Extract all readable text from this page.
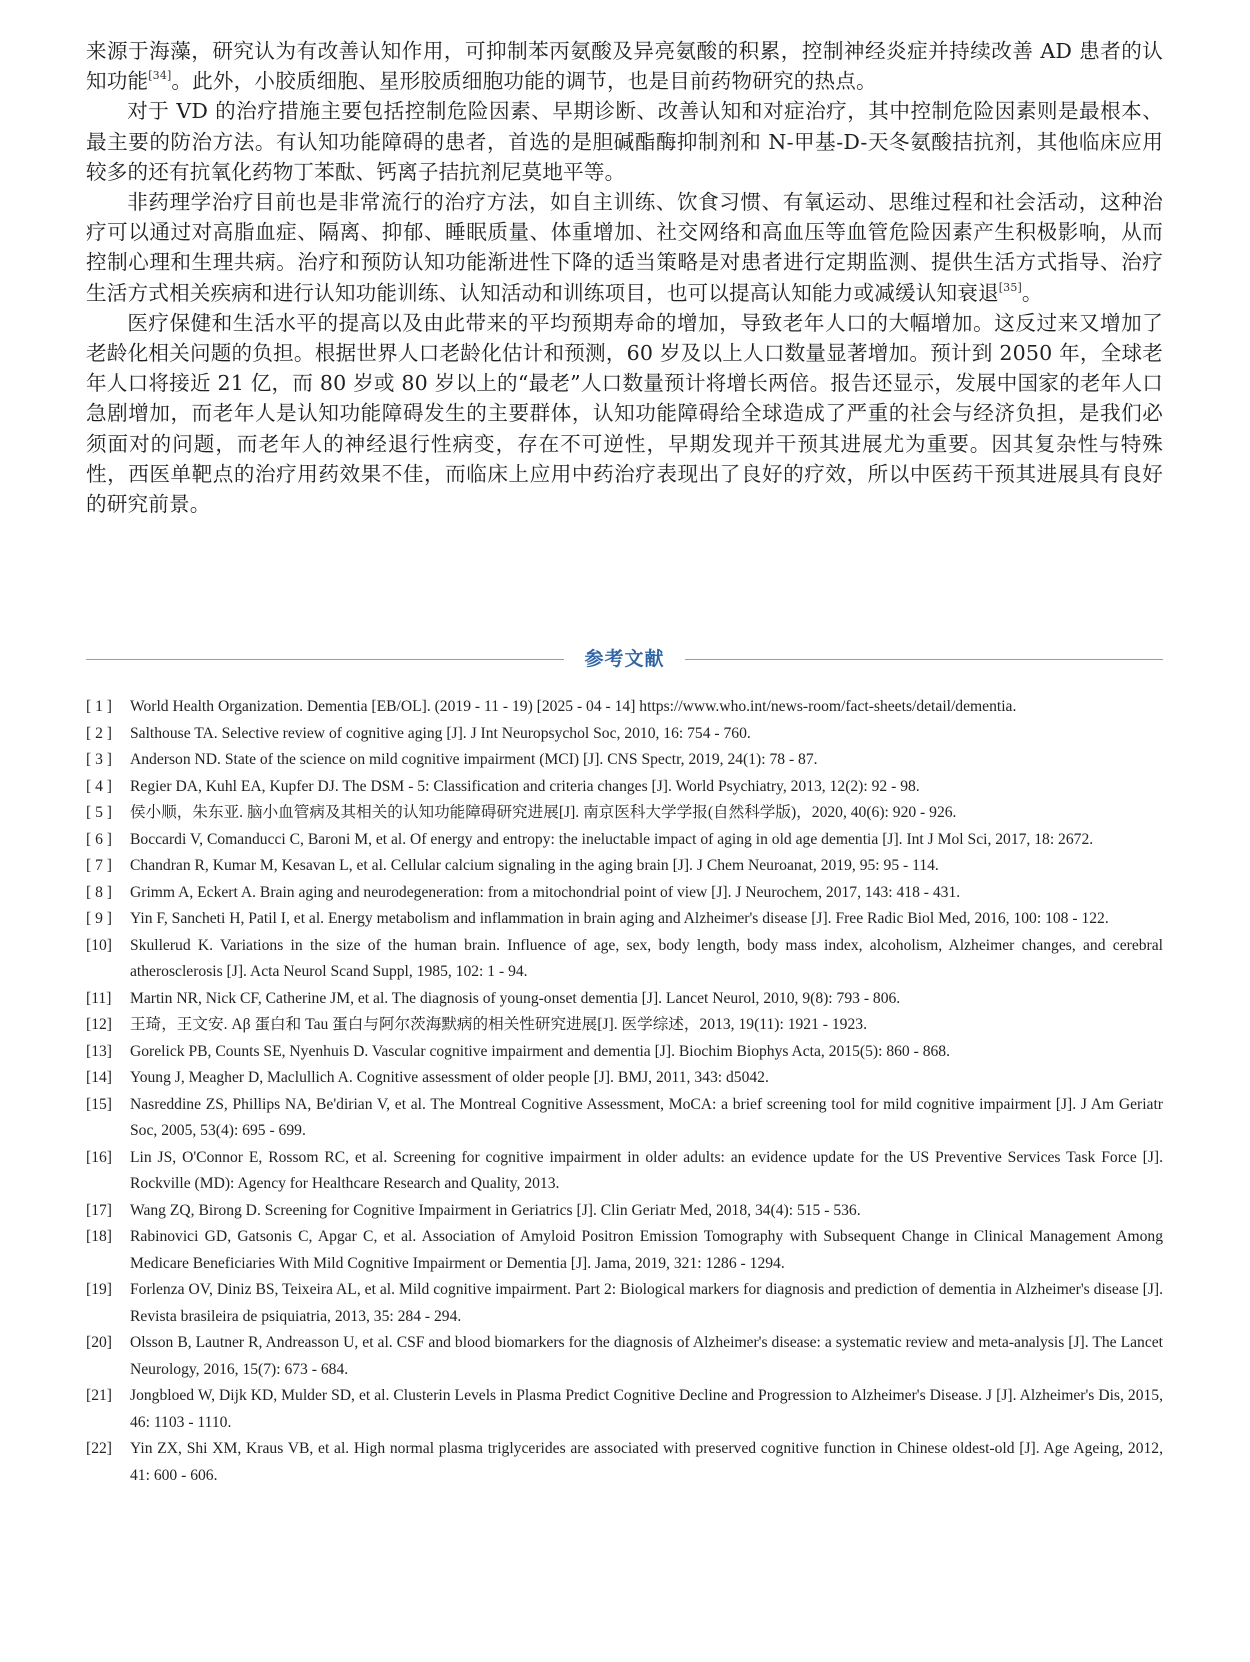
来源于海藻，研究认为有改善认知作用，可抑制苯丙氨酸及异亮氨酸的积累，控制神经炎症并持续改善 AD 患者的认知功能[34]。此外，小胶质细胞、星形胶质细胞功能的调节，也是目前药物研究的热点。

对于 VD 的治疗措施主要包括控制危险因素、早期诊断、改善认知和对症治疗，其中控制危险因素则是最根本、最主要的防治方法。有认知功能障碍的患者，首选的是胆碱酯酶抑制剂和 N-甲基-D-天冬氨酸拮抗剂，其他临床应用较多的还有抗氧化药物丁苯酞、钙离子拮抗剂尼莫地平等。

非药理学治疗目前也是非常流行的治疗方法，如自主训练、饮食习惯、有氧运动、思维过程和社会活动，这种治疗可以通过对高脂血症、隔离、抑郁、睡眠质量、体重增加、社交网络和高血压等血管危险因素产生积极影响，从而控制心理和生理共病。治疗和预防认知功能渐进性下降的适当策略是对患者进行定期监测、提供生活方式指导、治疗生活方式相关疾病和进行认知功能训练、认知活动和训练项目，也可以提高认知能力或减缓认知衰退[35]。

医疗保健和生活水平的提高以及由此带来的平均预期寿命的增加，导致老年人口的大幅增加。这反过来又增加了老龄化相关问题的负担。根据世界人口老龄化估计和预测，60 岁及以上人口数量显著增加。预计到 2050 年，全球老年人口将接近 21 亿，而 80 岁或 80 岁以上的“最老”人口数量预计将增长两倍。报告还显示，发展中国家的老年人口急剧增加，而老年人是认知功能障碍发生的主要群体，认知功能障碍给全球造成了严重的社会与经济负担，是我们必须面对的问题，而老年人的神经退行性病变，存在不可逆性，早期发现并干预其进展尤为重要。因其复杂性与特殊性，西医单靶点的治疗用药效果不佳，而临床上应用中药治疗表现出了良好的疗效，所以中医药干预其进展具有良好的研究前景。

参考文献
[ 1 ] World Health Organization. Dementia [EB/OL]. (2019 - 11 - 19) [2025 - 04 - 14] https://www.who.int/news-room/fact-sheets/detail/dementia.
[ 2 ] Salthouse TA. Selective review of cognitive aging [J]. J Int Neuropsychol Soc, 2010, 16: 754 - 760.
[ 3 ] Anderson ND. State of the science on mild cognitive impairment (MCI) [J]. CNS Spectr, 2019, 24(1): 78 - 87.
[ 4 ] Regier DA, Kuhl EA, Kupfer DJ. The DSM - 5: Classification and criteria changes [J]. World Psychiatry, 2013, 12(2): 92 - 98.
[ 5 ] 侯小顺，朱东亚. 脑小血管病及其相关的认知功能障碍研究进展[J]. 南京医科大学学报(自然科学版)，2020, 40(6): 920 - 926.
[ 6 ] Boccardi V, Comanducci C, Baroni M, et al. Of energy and entropy: the ineluctable impact of aging in old age dementia [J]. Int J Mol Sci, 2017, 18: 2672.
[ 7 ] Chandran R, Kumar M, Kesavan L, et al. Cellular calcium signaling in the aging brain [J]. J Chem Neuroanat, 2019, 95: 95 - 114.
[ 8 ] Grimm A, Eckert A. Brain aging and neurodegeneration: from a mitochondrial point of view [J]. J Neurochem, 2017, 143: 418 - 431.
[ 9 ] Yin F, Sancheti H, Patil I, et al. Energy metabolism and inflammation in brain aging and Alzheimer's disease [J]. Free Radic Biol Med, 2016, 100: 108 - 122.
[10] Skullerud K. Variations in the size of the human brain. Influence of age, sex, body length, body mass index, alcoholism, Alzheimer changes, and cerebral atherosclerosis [J]. Acta Neurol Scand Suppl, 1985, 102: 1 - 94.
[11] Martin NR, Nick CF, Catherine JM, et al. The diagnosis of young-onset dementia [J]. Lancet Neurol, 2010, 9(8): 793 - 806.
[12] 王琦，王文安. Aβ 蛋白和 Tau 蛋白与阿尔茨海默病的相关性研究进展[J]. 医学综述，2013, 19(11): 1921 - 1923.
[13] Gorelick PB, Counts SE, Nyenhuis D. Vascular cognitive impairment and dementia [J]. Biochim Biophys Acta, 2015(5): 860 - 868.
[14] Young J, Meagher D, Maclullich A. Cognitive assessment of older people [J]. BMJ, 2011, 343: d5042.
[15] Nasreddine ZS, Phillips NA, Be'dirian V, et al. The Montreal Cognitive Assessment, MoCA: a brief screening tool for mild cognitive impairment [J]. J Am Geriatr Soc, 2005, 53(4): 695 - 699.
[16] Lin JS, O'Connor E, Rossom RC, et al. Screening for cognitive impairment in older adults: an evidence update for the US Preventive Services Task Force [J]. Rockville (MD): Agency for Healthcare Research and Quality, 2013.
[17] Wang ZQ, Birong D. Screening for Cognitive Impairment in Geriatrics [J]. Clin Geriatr Med, 2018, 34(4): 515 - 536.
[18] Rabinovici GD, Gatsonis C, Apgar C, et al. Association of Amyloid Positron Emission Tomography with Subsequent Change in Clinical Management Among Medicare Beneficiaries With Mild Cognitive Impairment or Dementia [J]. Jama, 2019, 321: 1286 - 1294.
[19] Forlenza OV, Diniz BS, Teixeira AL, et al. Mild cognitive impairment. Part 2: Biological markers for diagnosis and prediction of dementia in Alzheimer's disease [J]. Revista brasileira de psiquiatria, 2013, 35: 284 - 294.
[20] Olsson B, Lautner R, Andreasson U, et al. CSF and blood biomarkers for the diagnosis of Alzheimer's disease: a systematic review and meta-analysis [J]. The Lancet Neurology, 2016, 15(7): 673 - 684.
[21] Jongbloed W, Dijk KD, Mulder SD, et al. Clusterin Levels in Plasma Predict Cognitive Decline and Progression to Alzheimer's Disease. J [J]. Alzheimer's Dis, 2015, 46: 1103 - 1110.
[22] Yin ZX, Shi XM, Kraus VB, et al. High normal plasma triglycerides are associated with preserved cognitive function in Chinese oldest-old [J]. Age Ageing, 2012, 41: 600 - 606.
